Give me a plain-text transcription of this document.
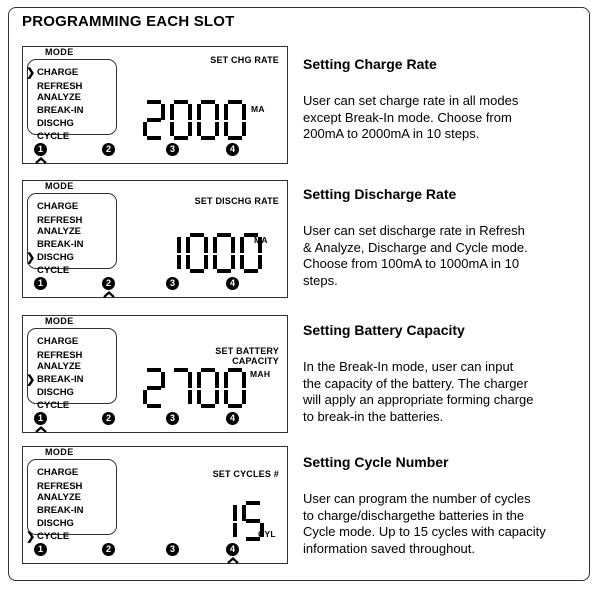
PROGRAMMING EACH SLOT
MODE
CHARGE
REFRESH
ANALYZE
BREAK-IN
DISCHG
CYCLE
❯
SET CHG RATE
MA
1	2	3	4
MODE
CHARGE
REFRESH
ANALYZE
BREAK-IN
DISCHG
CYCLE
❯
SET DISCHG RATE
MA
1	2	3	4
MODE
CHARGE
REFRESH
ANALYZE
BREAK-IN
DISCHG
CYCLE
❯
SET BATTERY
CAPACITY
MAH
1	2	3	4
MODE
CHARGE
REFRESH
ANALYZE
BREAK-IN
DISCHG
CYCLE
❯
SET CYCLES #
CYL
1	2	3	4
Setting Charge Rate
User can set charge rate in all modes
except Break-In mode. Choose from
200mA to 2000mA in 10 steps.
Setting Discharge Rate
User can set discharge rate in Refresh
& Analyze, Discharge and Cycle mode.
Choose from 100mA to 1000mA in 10
steps.
Setting Battery Capacity
In the Break-In mode, user can input
the capacity of the battery. The charger
will apply an appropriate forming charge
to break-in the batteries.
Setting Cycle Number
User can program the number of cycles
to charge/dischargethe batteries in the
Cycle mode. Up to 15 cycles with capacity
information saved throughout.
